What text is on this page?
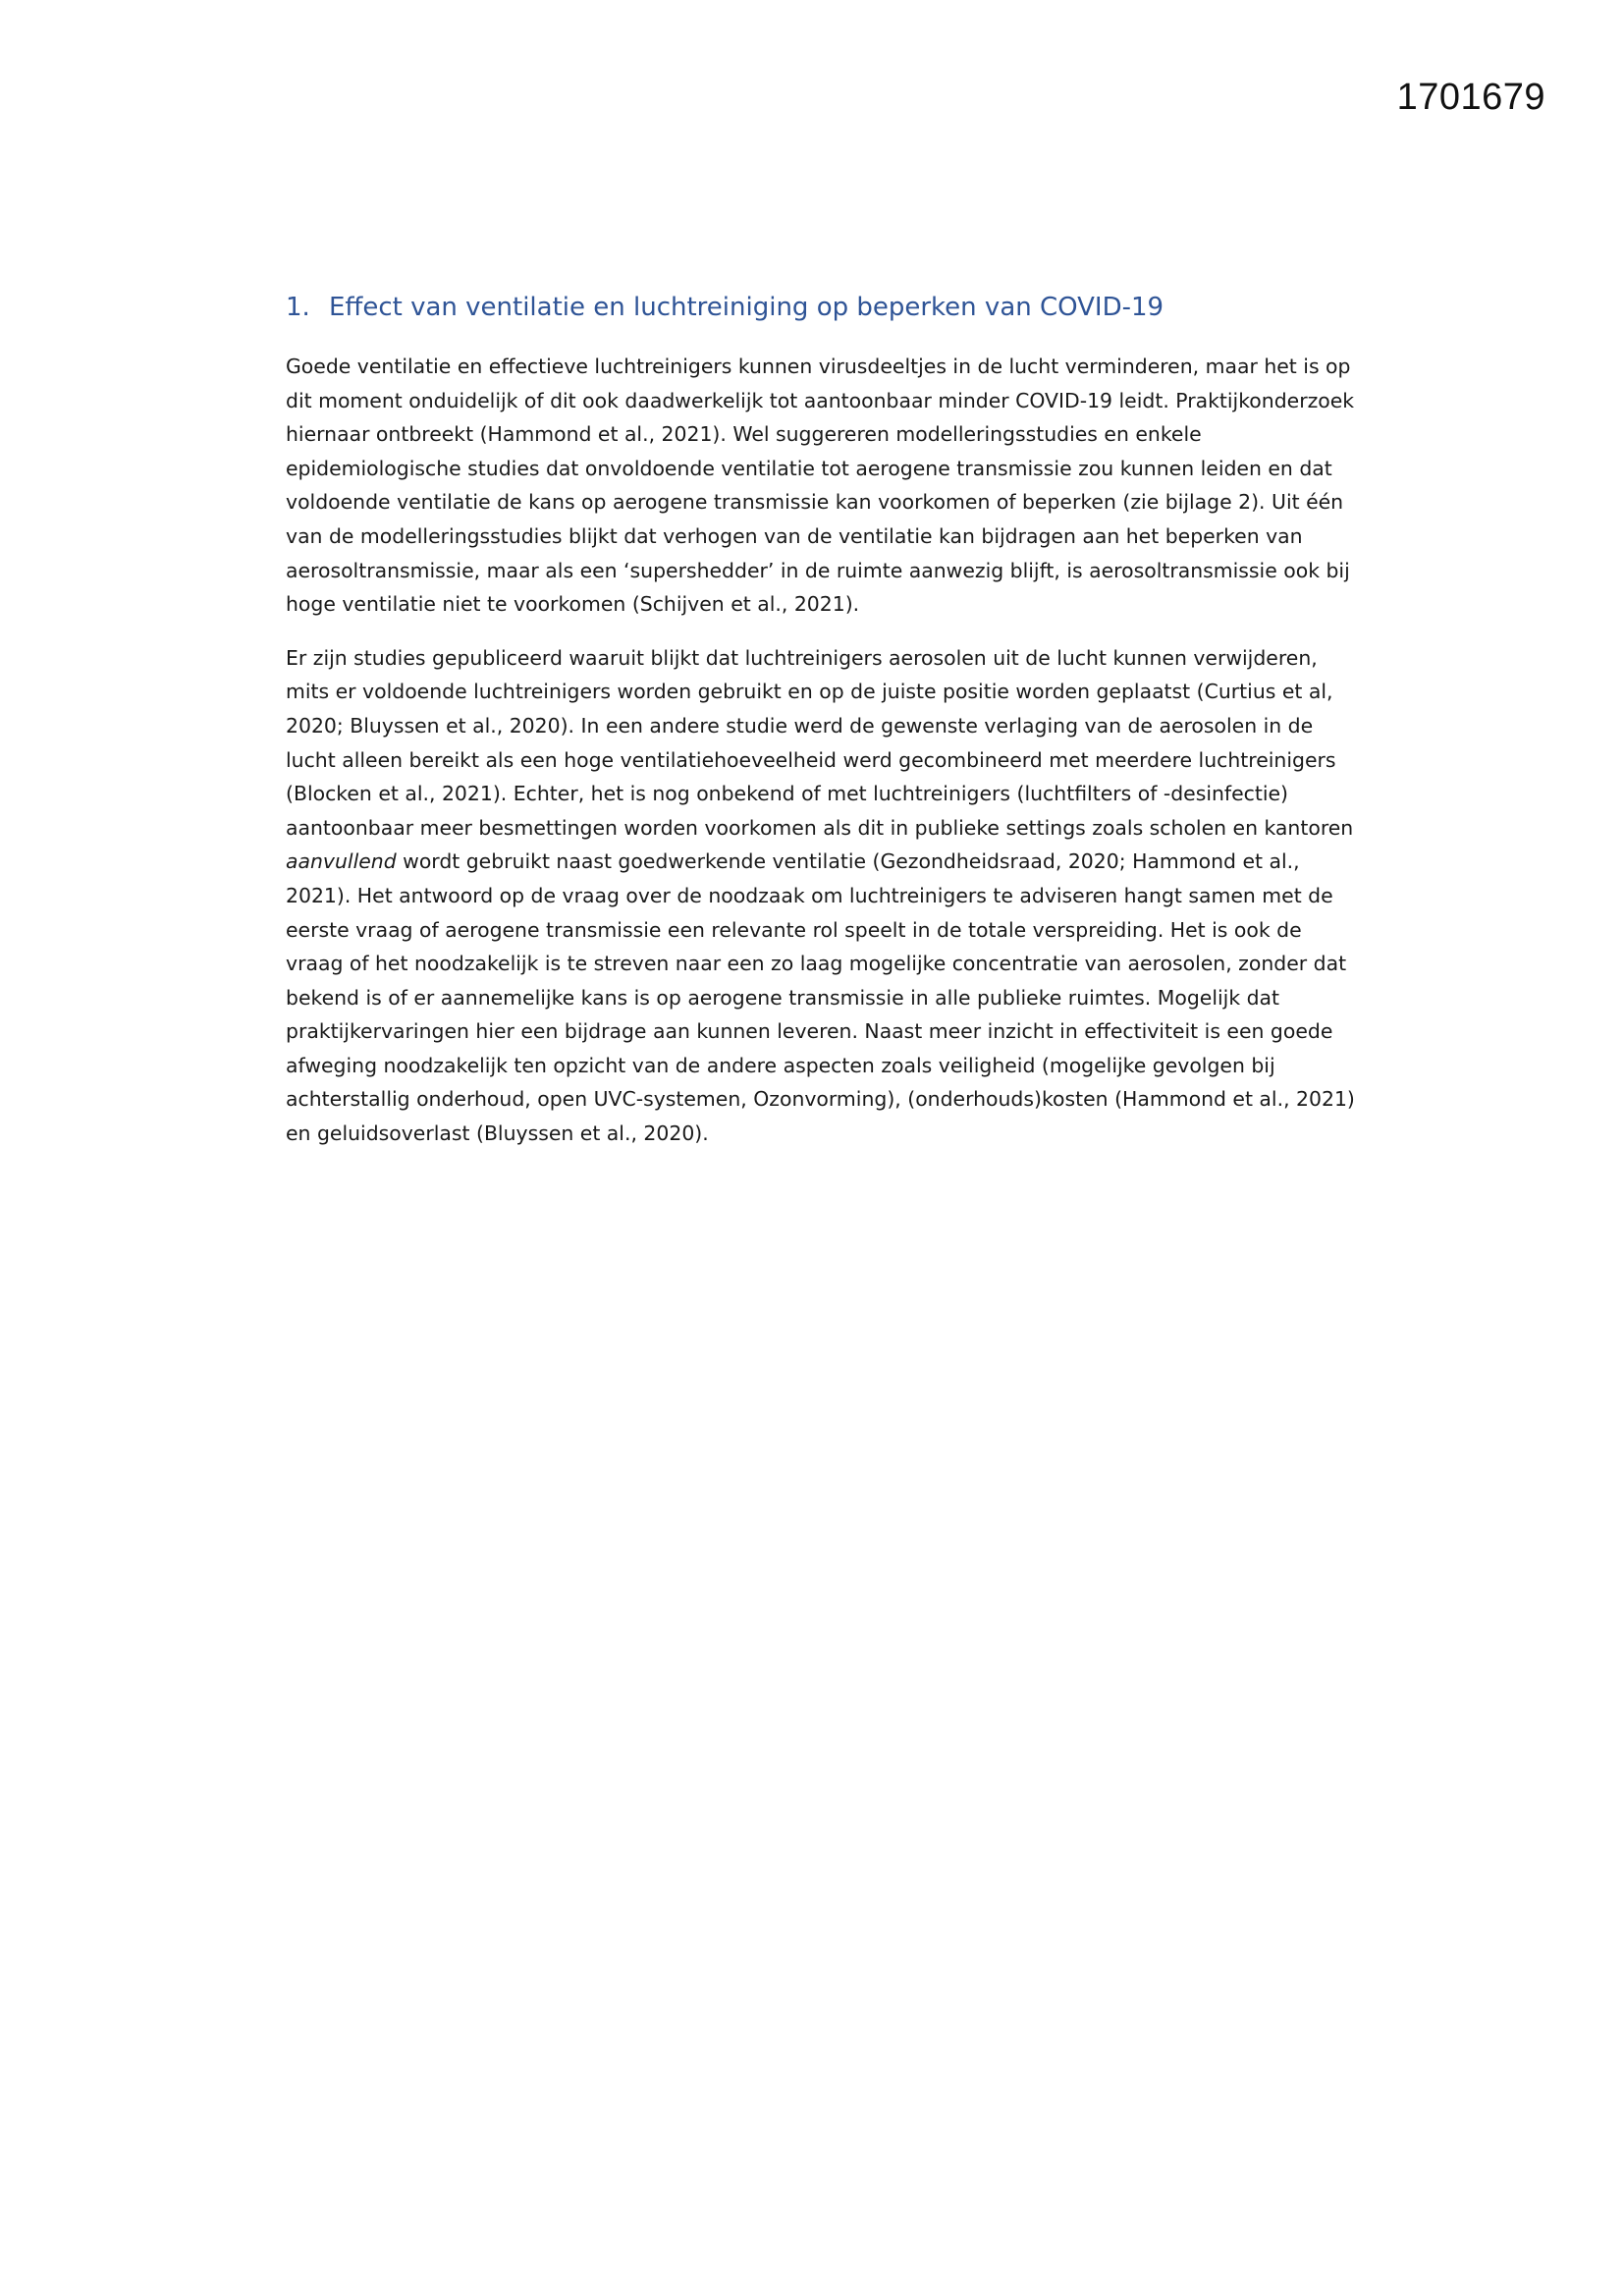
1701679
1. Effect van ventilatie en luchtreiniging op beperken van COVID-19

Goede ventilatie en effectieve luchtreinigers kunnen virusdeeltjes in de lucht verminderen, maar het is op dit moment onduidelijk of dit ook daadwerkelijk tot aantoonbaar minder COVID-19 leidt. Praktijkonderzoek hiernaar ontbreekt (Hammond et al., 2021). Wel suggereren modelleringsstudies en enkele epidemiologische studies dat onvoldoende ventilatie tot aerogene transmissie zou kunnen leiden en dat voldoende ventilatie de kans op aerogene transmissie kan voorkomen of beperken (zie bijlage 2). Uit één van de modelleringsstudies blijkt dat verhogen van de ventilatie kan bijdragen aan het beperken van aerosoltransmissie, maar als een ‘supershedder’ in de ruimte aanwezig blijft, is aerosoltransmissie ook bij hoge ventilatie niet te voorkomen (Schijven et al., 2021).

Er zijn studies gepubliceerd waaruit blijkt dat luchtreinigers aerosolen uit de lucht kunnen verwijderen, mits er voldoende luchtreinigers worden gebruikt en op de juiste positie worden geplaatst (Curtius et al, 2020; Bluyssen et al., 2020). In een andere studie werd de gewenste verlaging van de aerosolen in de lucht alleen bereikt als een hoge ventilatiehoeveelheid werd gecombineerd met meerdere luchtreinigers (Blocken et al., 2021). Echter, het is nog onbekend of met luchtreinigers (luchtfilters of -desinfectie) aantoonbaar meer besmettingen worden voorkomen als dit in publieke settings zoals scholen en kantoren aanvullend wordt gebruikt naast goedwerkende ventilatie (Gezondheidsraad, 2020; Hammond et al., 2021). Het antwoord op de vraag over de noodzaak om luchtreinigers te adviseren hangt samen met de eerste vraag of aerogene transmissie een relevante rol speelt in de totale verspreiding. Het is ook de vraag of het noodzakelijk is te streven naar een zo laag mogelijke concentratie van aerosolen, zonder dat bekend is of er aannemelijke kans is op aerogene transmissie in alle publieke ruimtes. Mogelijk dat praktijkervaringen hier een bijdrage aan kunnen leveren. Naast meer inzicht in effectiviteit is een goede afweging noodzakelijk ten opzicht van de andere aspecten zoals veiligheid (mogelijke gevolgen bij achterstallig onderhoud, open UVC-systemen, Ozonvorming), (onderhouds)kosten (Hammond et al., 2021) en geluidsoverlast (Bluyssen et al., 2020).
